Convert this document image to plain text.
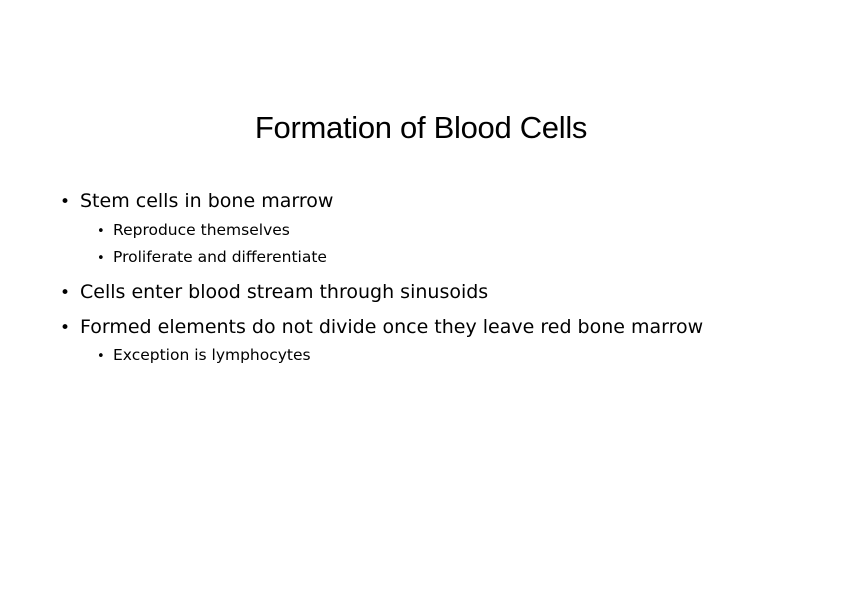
Formation of Blood Cells
• Stem cells in bone marrow
• Reproduce themselves
• Proliferate and differentiate
• Cells enter blood stream through sinusoids
• Formed elements do not divide once they leave red bone marrow
• Exception is lymphocytes
